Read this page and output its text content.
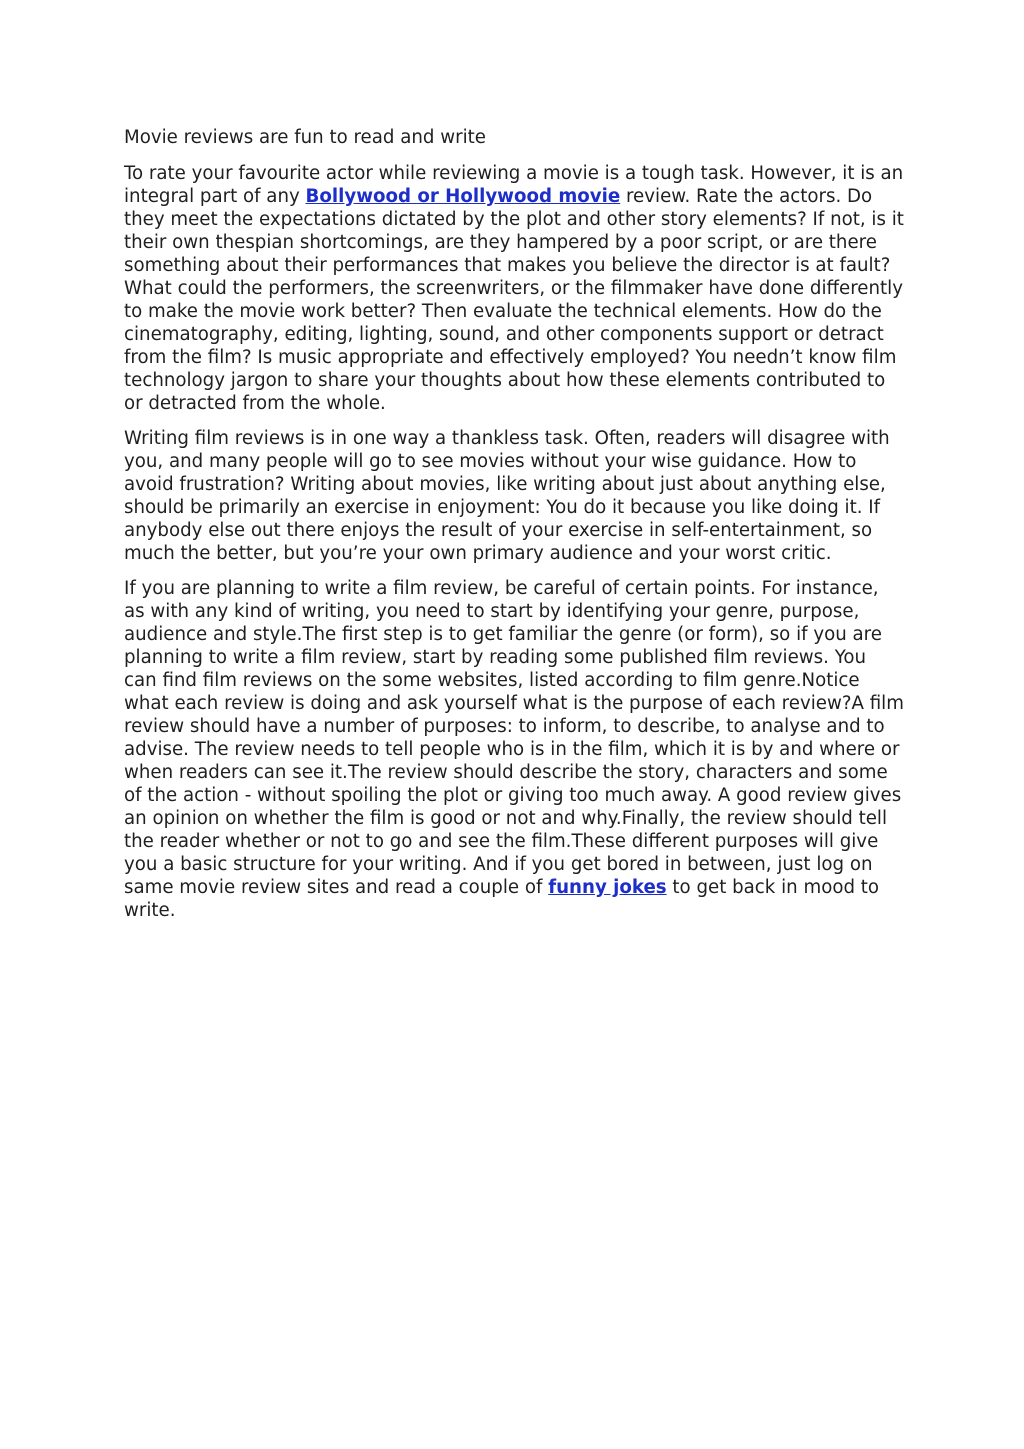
Movie reviews are fun to read and write

To rate your favourite actor while reviewing a movie is a tough task. However, it is an integral part of any Bollywood or Hollywood movie review. Rate the actors. Do they meet the expectations dictated by the plot and other story elements? If not, is it their own thespian shortcomings, are they hampered by a poor script, or are there something about their performances that makes you believe the director is at fault? What could the performers, the screenwriters, or the filmmaker have done differently to make the movie work better? Then evaluate the technical elements. How do the cinematography, editing, lighting, sound, and other components support or detract from the film? Is music appropriate and effectively employed? You needn’t know film technology jargon to share your thoughts about how these elements contributed to or detracted from the whole.

Writing film reviews is in one way a thankless task. Often, readers will disagree with you, and many people will go to see movies without your wise guidance. How to avoid frustration? Writing about movies, like writing about just about anything else, should be primarily an exercise in enjoyment: You do it because you like doing it. If anybody else out there enjoys the result of your exercise in self-entertainment, so much the better, but you’re your own primary audience and your worst critic.

If you are planning to write a film review, be careful of certain points. For instance, as with any kind of writing, you need to start by identifying your genre, purpose, audience and style.The first step is to get familiar the genre (or form), so if you are planning to write a film review, start by reading some published film reviews. You can find film reviews on the some websites, listed according to film genre.Notice what each review is doing and ask yourself what is the purpose of each review?A film review should have a number of purposes: to inform, to describe, to analyse and to advise. The review needs to tell people who is in the film, which it is by and where or when readers can see it.The review should describe the story, characters and some of the action - without spoiling the plot or giving too much away. A good review gives an opinion on whether the film is good or not and why.Finally, the review should tell the reader whether or not to go and see the film.These different purposes will give you a basic structure for your writing. And if you get bored in between, just log on same movie review sites and read a couple of funny jokes to get back in mood to write.
